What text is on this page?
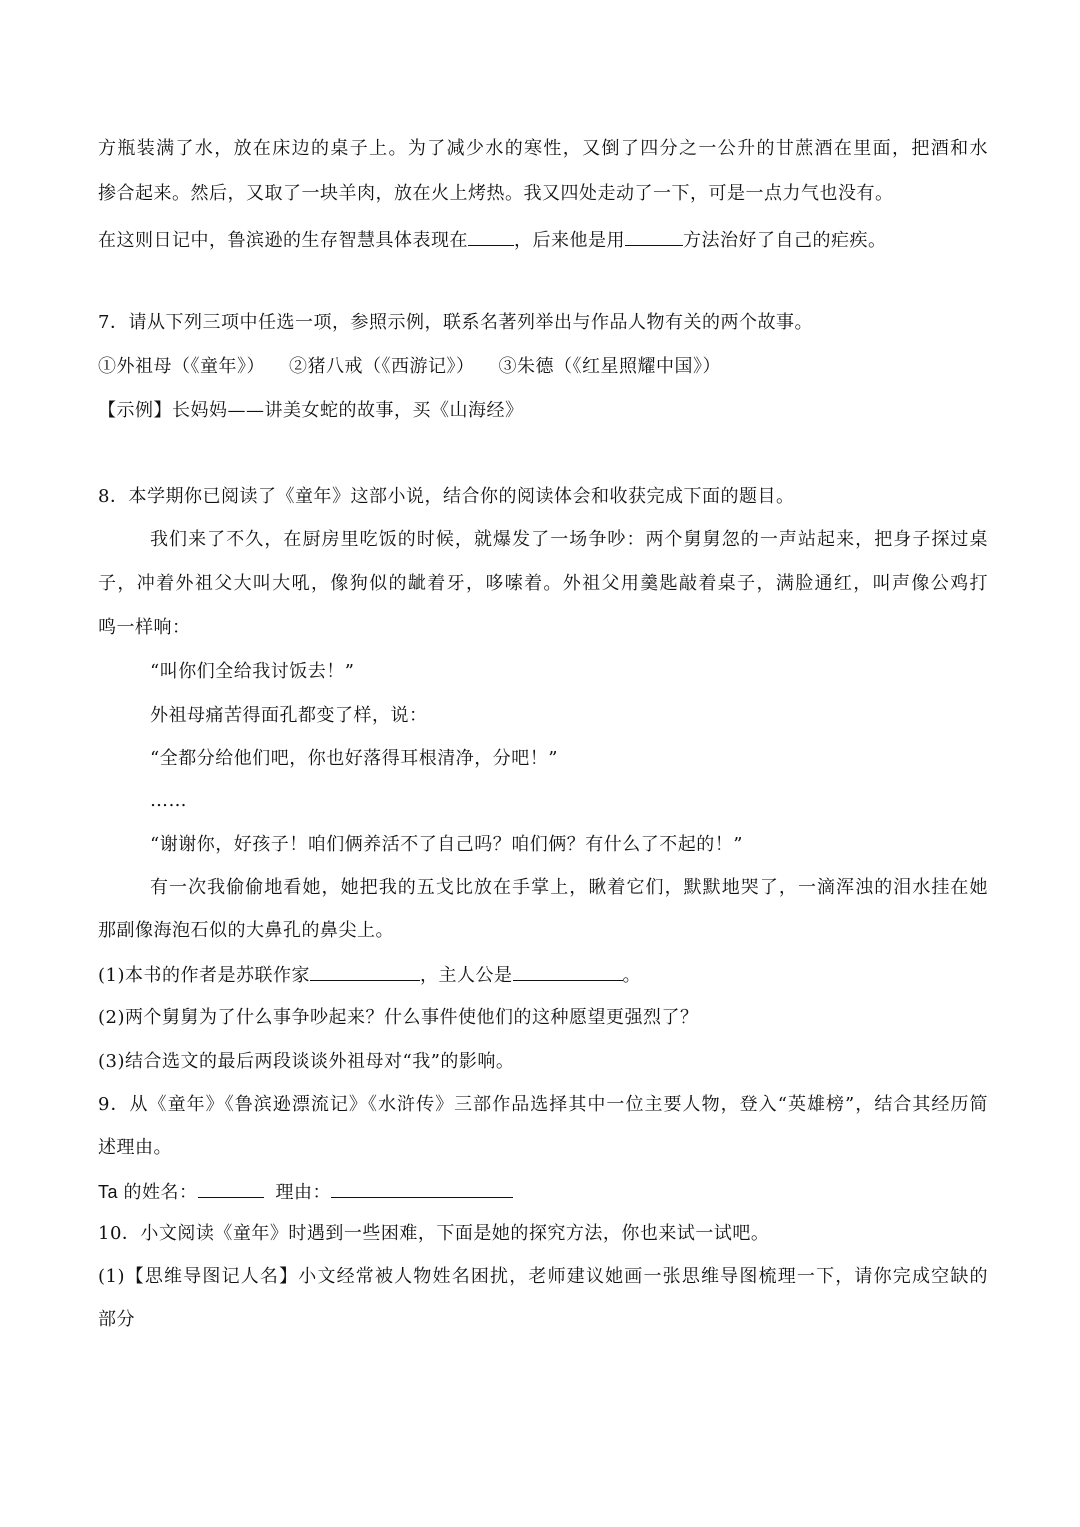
方瓶装满了水，放在床边的桌子上。为了减少水的寒性，又倒了四分之一公升的甘蔗酒在里面，把酒和水
掺合起来。然后，又取了一块羊肉，放在火上烤热。我又四处走动了一下，可是一点力气也没有。
在这则日记中，鲁滨逊的生存智慧具体表现在	，后来他是用	方法治好了自己的疟疾。
7．请从下列三项中任选一项，参照示例，联系名著列举出与作品人物有关的两个故事。
①外祖母（《童年》） ②猪八戒（《西游记》） ③朱德（《红星照耀中国》）
【示例】长妈妈——讲美女蛇的故事，买《山海经》
8．本学期你已阅读了《童年》这部小说，结合你的阅读体会和收获完成下面的题目。
我们来了不久，在厨房里吃饭的时候，就爆发了一场争吵：两个舅舅忽的一声站起来，把身子探过桌
子，冲着外祖父大叫大吼，像狗似的龇着牙，哆嗦着。外祖父用羹匙敲着桌子，满脸通红，叫声像公鸡打
鸣一样响：
“叫你们全给我讨饭去！”
外祖母痛苦得面孔都变了样，说：
“全都分给他们吧，你也好落得耳根清净，分吧！”
……
“谢谢你，好孩子！咱们俩养活不了自己吗？咱们俩？有什么了不起的！”
有一次我偷偷地看她，她把我的五戈比放在手掌上，瞅着它们，默默地哭了，一滴浑浊的泪水挂在她
那副像海泡石似的大鼻孔的鼻尖上。
(1)本书的作者是苏联作家	，主人公是	。
(2)两个舅舅为了什么事争吵起来？什么事件使他们的这种愿望更强烈了？
(3)结合选文的最后两段谈谈外祖母对“我”的影响。
9．从《童年》《鲁滨逊漂流记》《水浒传》三部作品选择其中一位主要人物，登入“英雄榜”，结合其经历简
述理由。
Ta 的姓名：	理由：
10．小文阅读《童年》时遇到一些困难，下面是她的探究方法，你也来试一试吧。
(1)【思维导图记人名】小文经常被人物姓名困扰，老师建议她画一张思维导图梳理一下，请你完成空缺的
部分
